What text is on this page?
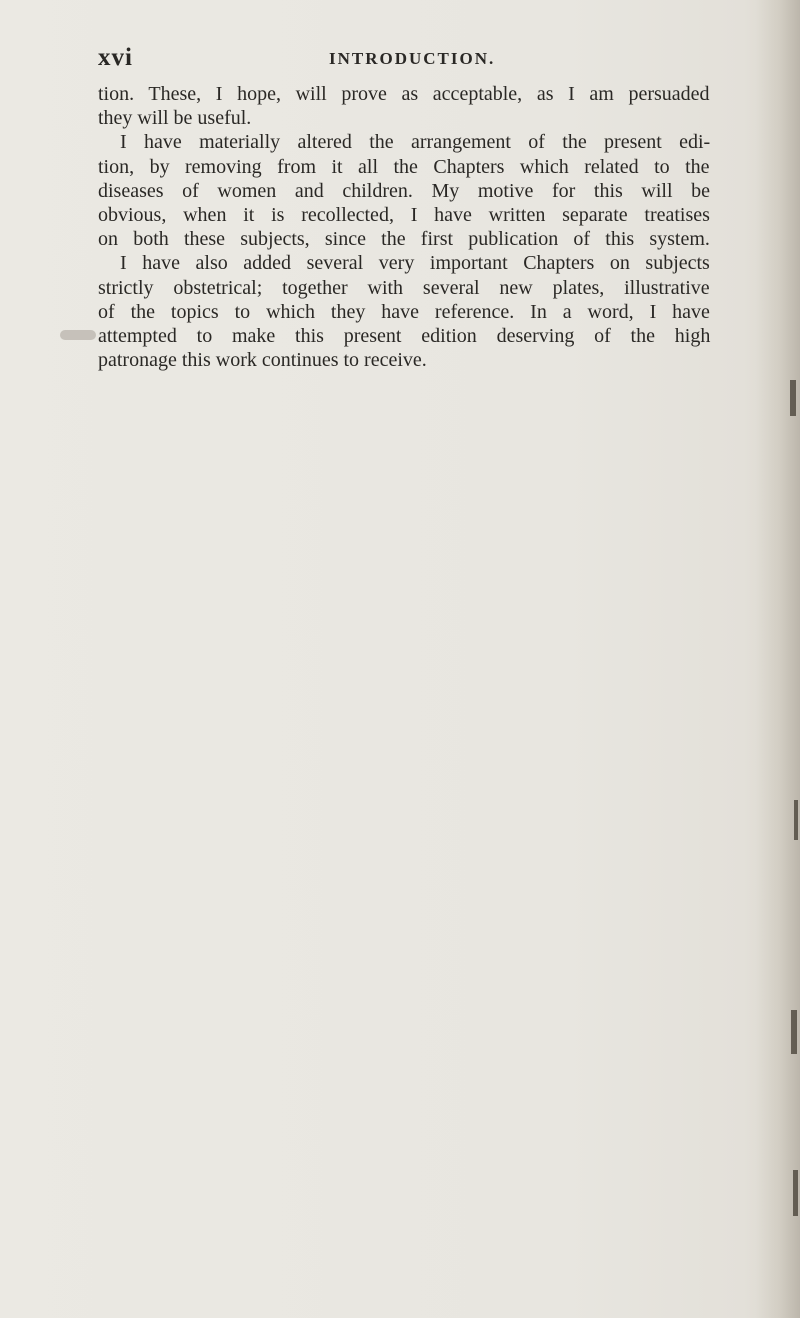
xvi	INTRODUCTION.
tion. These, I hope, will prove as acceptable, as I am persuaded
they will be useful.
I have materially altered the arrangement of the present edi-
tion, by removing from it all the Chapters which related to the
diseases of women and children. My motive for this will be
obvious, when it is recollected, I have written separate treatises
on both these subjects, since the first publication of this system.
I have also added several very important Chapters on subjects
strictly obstetrical; together with several new plates, illustrative
of the topics to which they have reference. In a word, I have
attempted to make this present edition deserving of the high
patronage this work continues to receive.
